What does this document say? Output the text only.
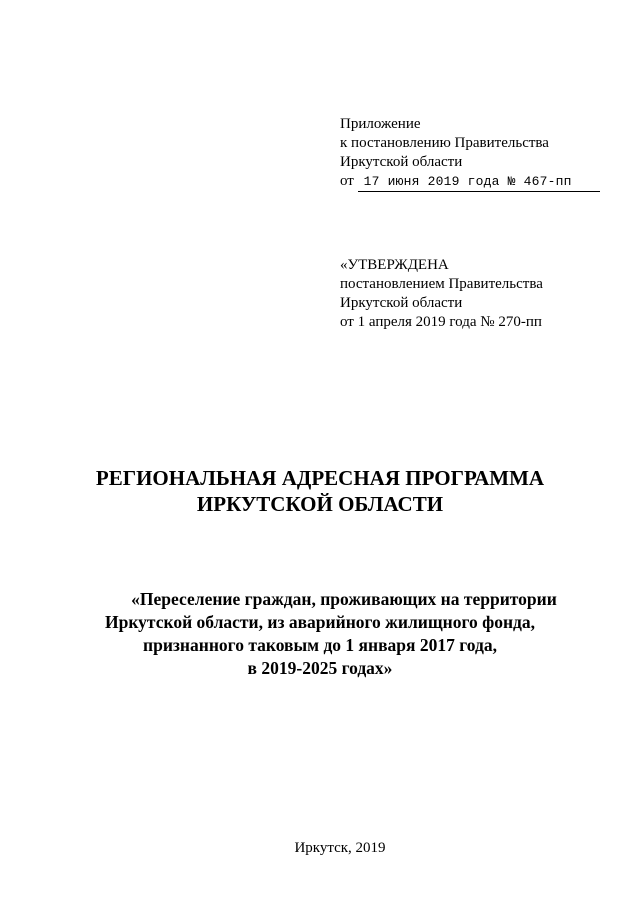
Приложение
к постановлению Правительства
Иркутской области
от 17 июня 2019 года № 467-пп
«УТВЕРЖДЕНА
постановлением Правительства
Иркутской области
от 1 апреля 2019 года № 270-пп
РЕГИОНАЛЬНАЯ АДРЕСНАЯ ПРОГРАММА
ИРКУТСКОЙ ОБЛАСТИ
«Переселение граждан, проживающих на территории
Иркутской области, из аварийного жилищного фонда,
признанного таковым до 1 января 2017 года,
в 2019-2025 годах»
Иркутск, 2019
